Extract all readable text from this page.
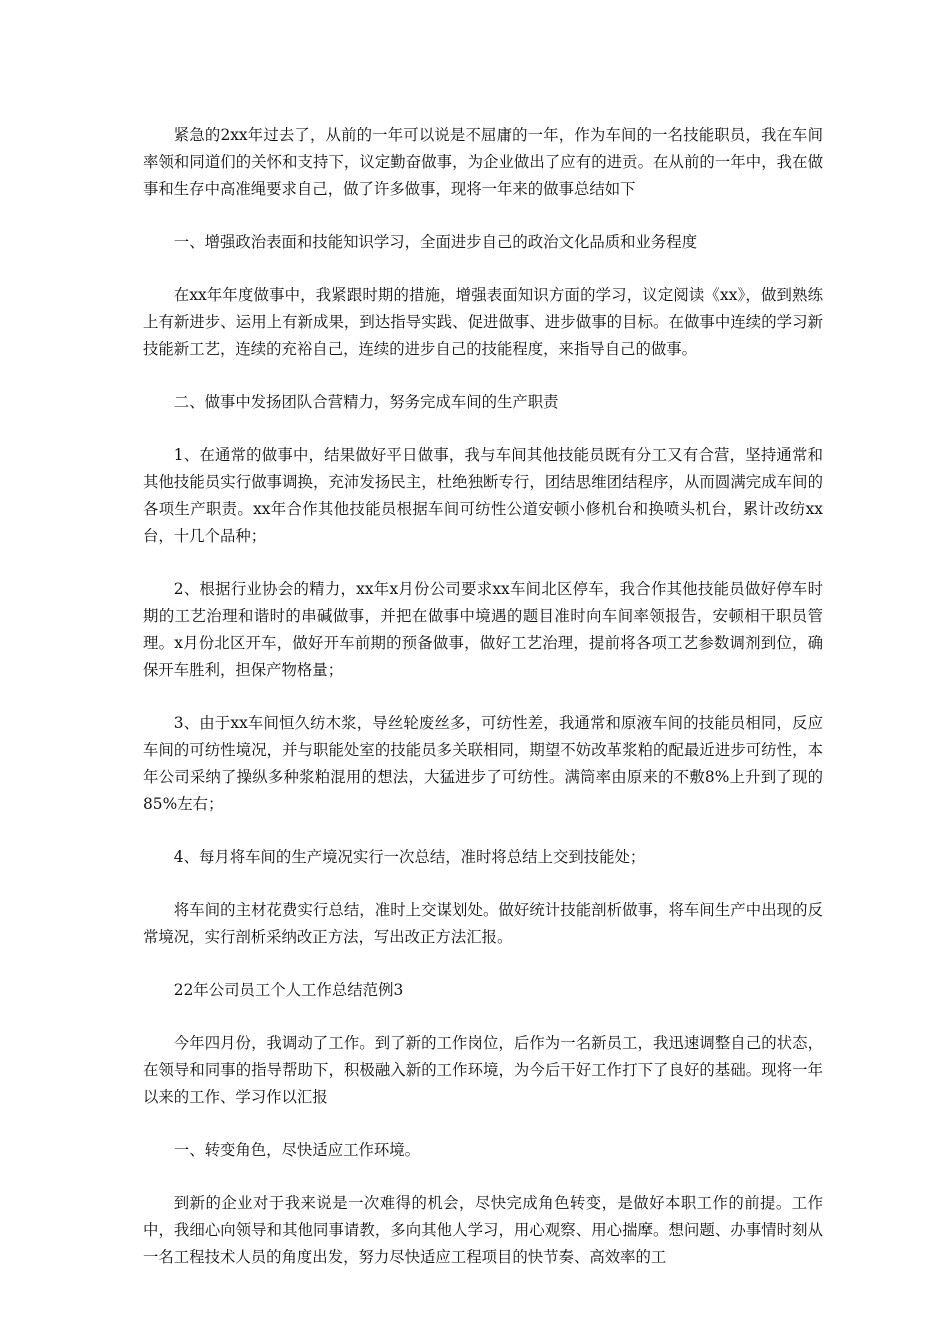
紧急的2xx年过去了，从前的一年可以说是不屈庸的一年，作为车间的一名技能职员，我在车间率领和同道们的关怀和支持下，议定勤奋做事，为企业做出了应有的进贡。在从前的一年中，我在做事和生存中高准绳要求自己，做了许多做事，现将一年来的做事总结如下

一、增强政治表面和技能知识学习，全面进步自己的政治文化品质和业务程度

在xx年年度做事中，我紧跟时期的措施，增强表面知识方面的学习，议定阅读《xx》，做到熟练上有新进步、运用上有新成果，到达指导实践、促进做事、进步做事的目标。在做事中连续的学习新技能新工艺，连续的充裕自己，连续的进步自己的技能程度，来指导自己的做事。

二、做事中发扬团队合营精力，努务完成车间的生产职责

1、在通常的做事中，结果做好平日做事，我与车间其他技能员既有分工又有合营，坚持通常和其他技能员实行做事调换，充沛发扬民主，杜绝独断专行，团结思维团结程序，从而圆满完成车间的各项生产职责。xx年合作其他技能员根据车间可纺性公道安顿小修机台和换喷头机台，累计改纺xx台，十几个品种；

2、根据行业协会的精力，xx年x月份公司要求xx车间北区停车，我合作其他技能员做好停车时期的工艺治理和谐时的串碱做事，并把在做事中境遇的题目准时向车间率领报告，安顿相干职员管理。x月份北区开车，做好开车前期的预备做事，做好工艺治理，提前将各项工艺参数调剂到位，确保开车胜利，担保产物格量；

3、由于xx车间恒久纺木浆，导丝轮废丝多，可纺性差，我通常和原液车间的技能员相同，反应车间的可纺性境况，并与职能处室的技能员多关联相同，期望不妨改革浆粕的配最近进步可纺性，本年公司采纳了操纵多种浆粕混用的想法，大猛进步了可纺性。满筒率由原来的不敷8%上升到了现的85%左右；

4、每月将车间的生产境况实行一次总结，准时将总结上交到技能处；

将车间的主材花费实行总结，准时上交谋划处。做好统计技能剖析做事，将车间生产中出现的反常境况，实行剖析采纳改正方法，写出改正方法汇报。

22年公司员工个人工作总结范例3

今年四月份，我调动了工作。到了新的工作岗位，后作为一名新员工，我迅速调整自己的状态，在领导和同事的指导帮助下，积极融入新的工作环境，为今后干好工作打下了良好的基础。现将一年以来的工作、学习作以汇报

一、转变角色，尽快适应工作环境。

到新的企业对于我来说是一次难得的机会，尽快完成角色转变，是做好本职工作的前提。工作中，我细心向领导和其他同事请教，多向其他人学习，用心观察、用心揣摩。想问题、办事情时刻从一名工程技术人员的角度出发，努力尽快适应工程项目的快节奏、高效率的工
